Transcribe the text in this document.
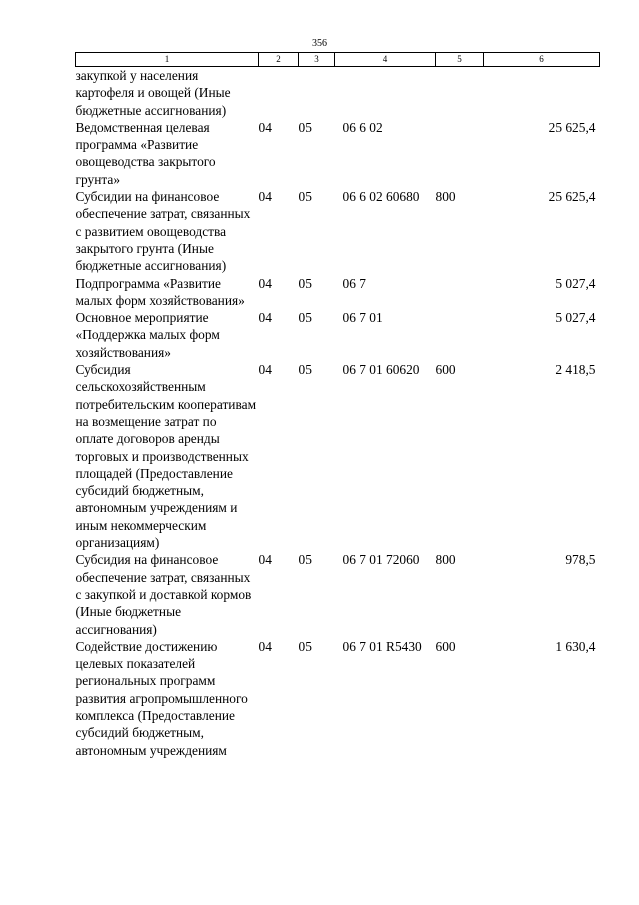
356
1	2	3	4	5	6
закупкой у населения картофеля и овощей (Иные бюджетные ассигнования)					
Ведомственная целевая программа «Развитие овощеводства закрытого грунта»	04	05	06 6 02		25 625,4
Субсидии на финансовое обеспечение затрат, связанных с развитием овощеводства закрытого грунта (Иные бюджетные ассигнования)	04	05	06 6 02 60680	800	25 625,4
Подпрограмма «Развитие малых форм хозяйствования»	04	05	06 7		5 027,4
Основное мероприятие «Поддержка малых форм хозяйствования»	04	05	06 7 01		5 027,4
Субсидия сельскохозяйственным потребительским кооперативам на возмещение затрат по оплате договоров аренды торговых и производственных площадей (Предоставление субсидий бюджетным, автономным учреждениям и иным некоммерческим организациям)	04	05	06 7 01 60620	600	2 418,5
Субсидия на финансовое обеспечение затрат, связанных с закупкой и доставкой кормов (Иные бюджетные ассигнования)	04	05	06 7 01 72060	800	978,5
Содействие достижению целевых показателей региональных программ развития агропромышленного комплекса (Предоставление субсидий бюджетным, автономным учреждениям	04	05	06 7 01 R5430	600	1 630,4
